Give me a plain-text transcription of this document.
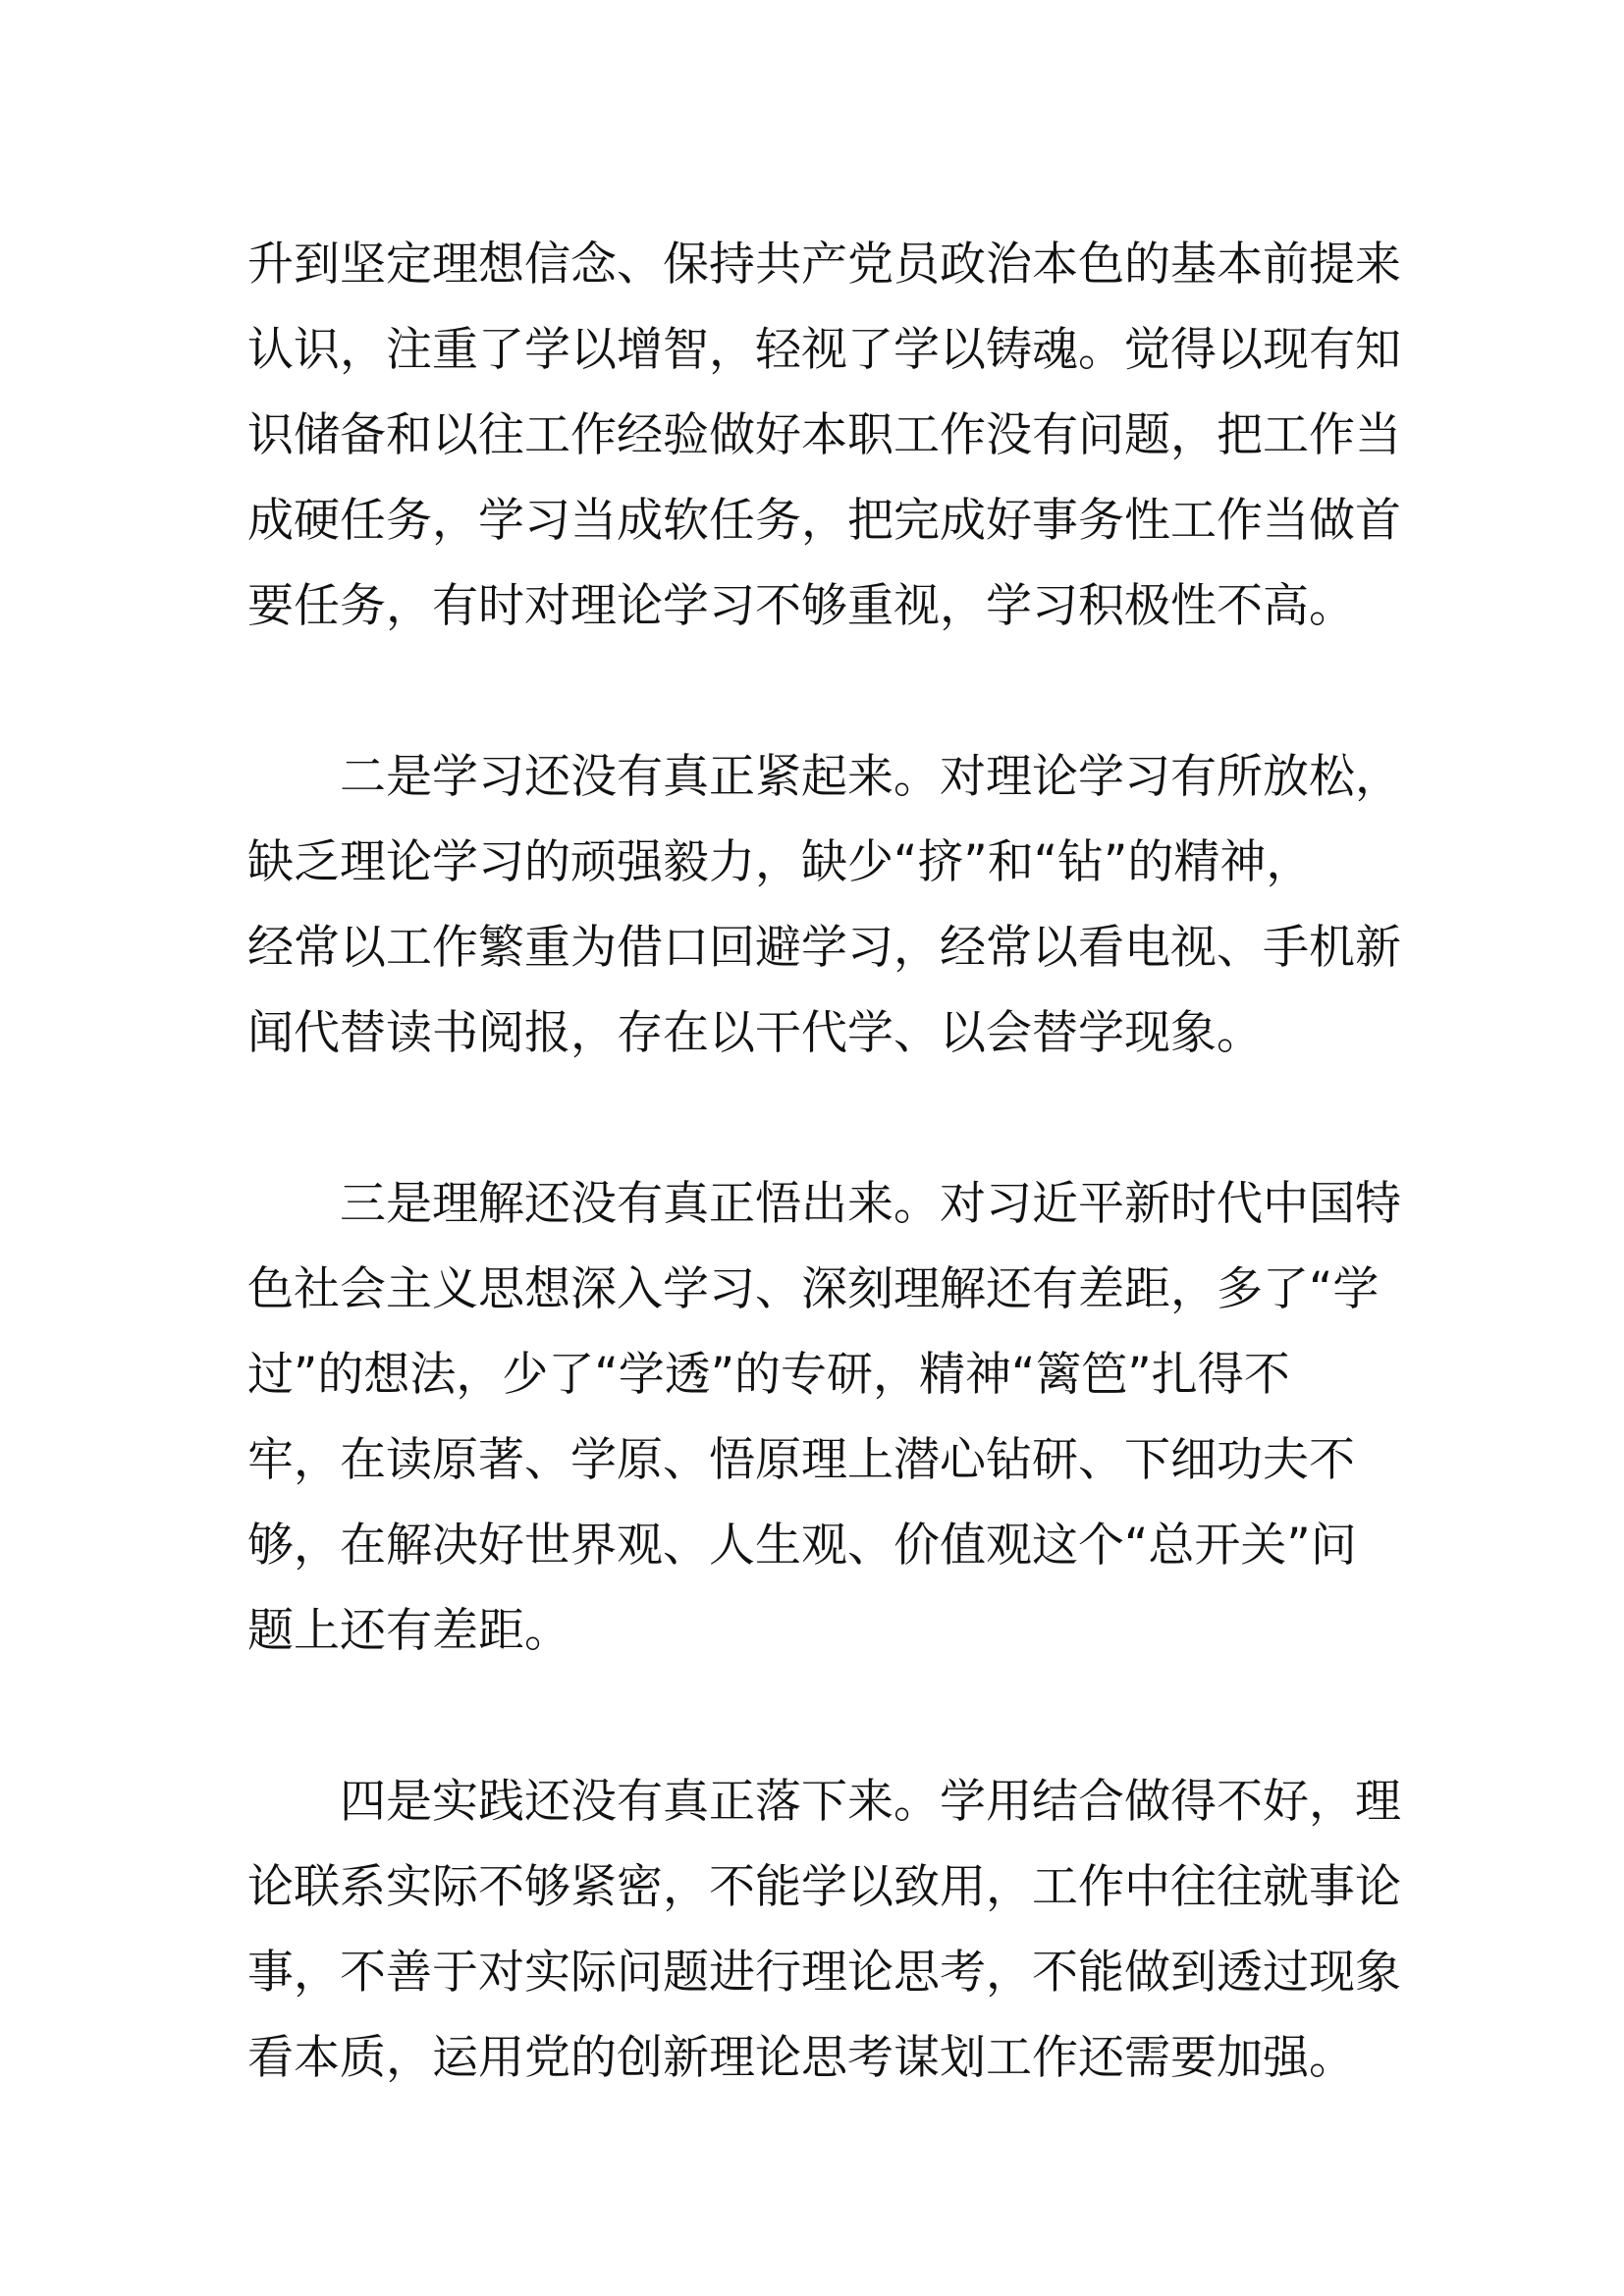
升到坚定理想信念、保持共产党员政治本色的基本前提来
认识，注重了学以增智，轻视了学以铸魂。觉得以现有知
识储备和以往工作经验做好本职工作没有问题，把工作当
成硬任务，学习当成软任务，把完成好事务性工作当做首
要任务，有时对理论学习不够重视，学习积极性不高。
二是学习还没有真正紧起来。对理论学习有所放松，
缺乏理论学习的顽强毅力，缺少“挤”和“钻”的精神，
经常以工作繁重为借口回避学习，经常以看电视、手机新
闻代替读书阅报，存在以干代学、以会替学现象。
三是理解还没有真正悟出来。对习近平新时代中国特
色社会主义思想深入学习、深刻理解还有差距，多了“学
过”的想法，少了“学透”的专研，精神“篱笆”扎得不
牢，在读原著、学原、悟原理上潜心钻研、下细功夫不
够，在解决好世界观、人生观、价值观这个“总开关”问
题上还有差距。
四是实践还没有真正落下来。学用结合做得不好，理
论联系实际不够紧密，不能学以致用，工作中往往就事论
事，不善于对实际问题进行理论思考，不能做到透过现象
看本质，运用党的创新理论思考谋划工作还需要加强。
